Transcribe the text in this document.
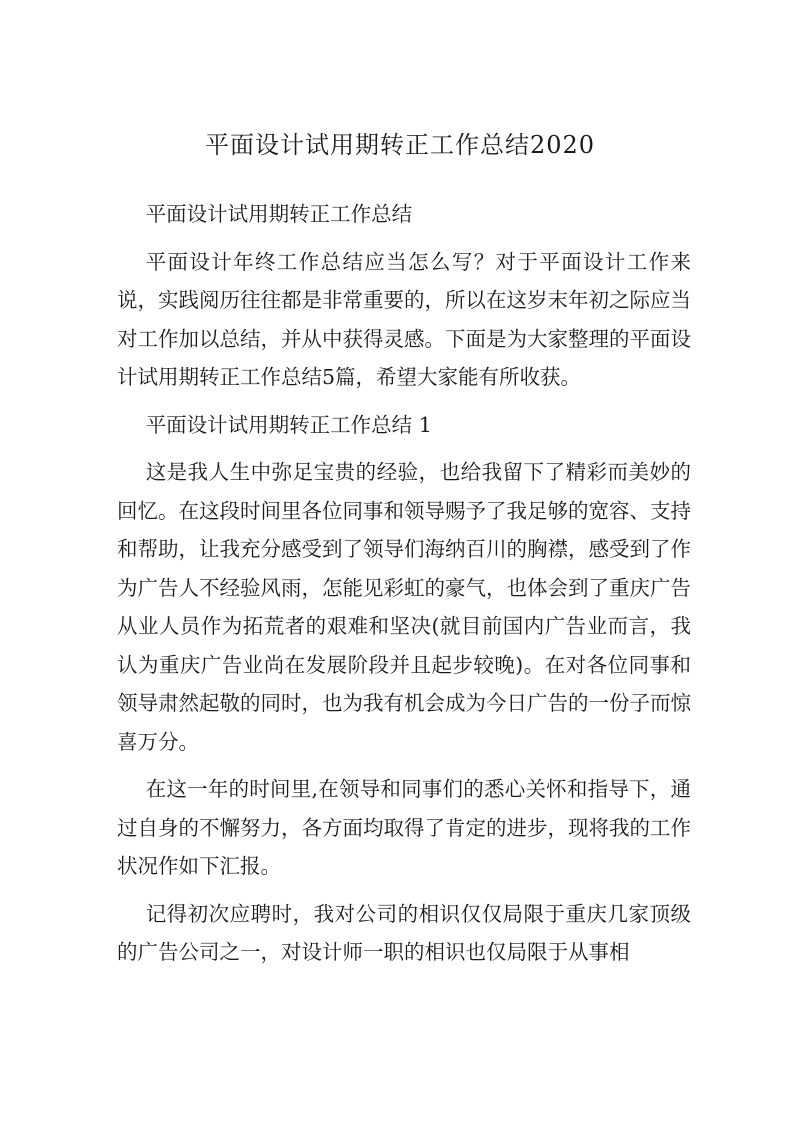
平面设计试用期转正工作总结2020

平面设计试用期转正工作总结

平面设计年终工作总结应当怎么写？对于平面设计工作来说，实践阅历往往都是非常重要的，所以在这岁末年初之际应当对工作加以总结，并从中获得灵感。下面是为大家整理的平面设计试用期转正工作总结5篇，希望大家能有所收获。

平面设计试用期转正工作总结 1

这是我人生中弥足宝贵的经验，也给我留下了精彩而美妙的回忆。在这段时间里各位同事和领导赐予了我足够的宽容、支持和帮助，让我充分感受到了领导们海纳百川的胸襟，感受到了作为广告人不经验风雨，怎能见彩虹的豪气，也体会到了重庆广告从业人员作为拓荒者的艰难和坚决(就目前国内广告业而言，我认为重庆广告业尚在发展阶段并且起步较晚)。在对各位同事和领导肃然起敬的同时，也为我有机会成为今日广告的一份子而惊喜万分。

在这一年的时间里,在领导和同事们的悉心关怀和指导下，通过自身的不懈努力，各方面均取得了肯定的进步，现将我的工作状况作如下汇报。

记得初次应聘时，我对公司的相识仅仅局限于重庆几家顶级的广告公司之一，对设计师一职的相识也仅局限于从事相
